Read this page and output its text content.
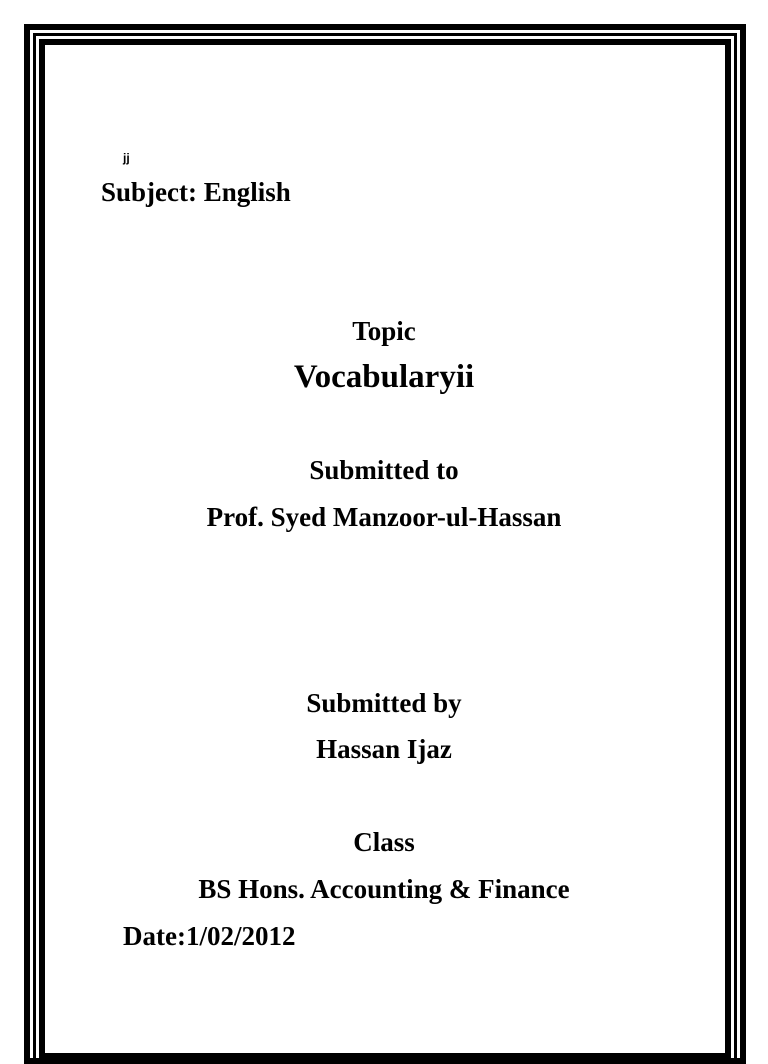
jj
Subject: English
Topic
Vocabularyii
Submitted to
Prof. Syed Manzoor-ul-Hassan
Submitted by
Hassan Ijaz
Class
BS Hons. Accounting & Finance
Date:1/02/2012
